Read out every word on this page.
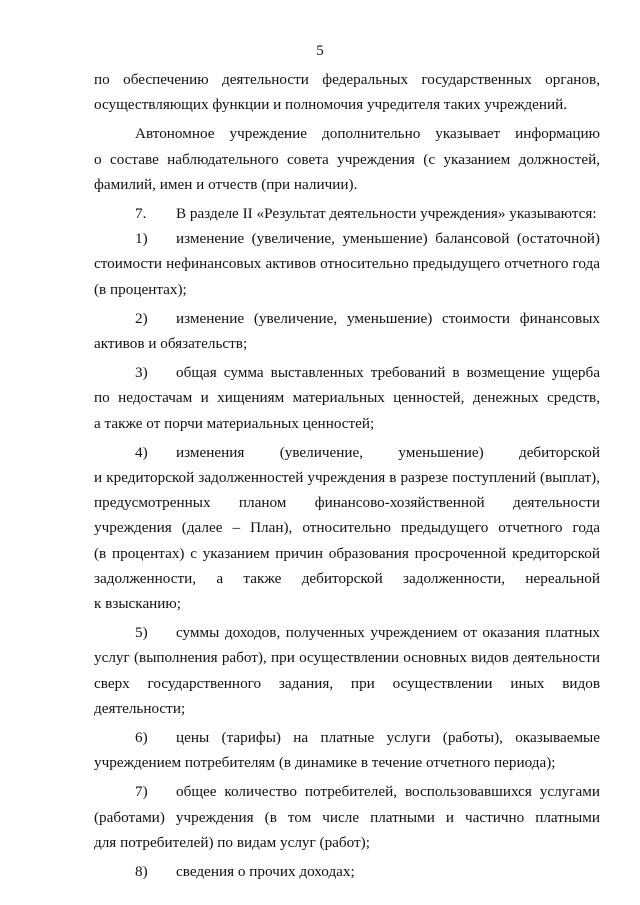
5
по обеспечению деятельности федеральных государственных органов,
осуществляющих функции и полномочия учредителя таких учреждений.
Автономное учреждение дополнительно указывает информацию
о составе наблюдательного совета учреждения (с указанием должностей,
фамилий, имен и отчеств (при наличии).
7. В разделе II «Результат деятельности учреждения» указываются:
1) изменение (увеличение, уменьшение) балансовой (остаточной)
стоимости нефинансовых активов относительно предыдущего отчетного года
(в процентах);
2) изменение (увеличение, уменьшение) стоимости финансовых
активов и обязательств;
3) общая сумма выставленных требований в возмещение ущерба
по недостачам и хищениям материальных ценностей, денежных средств,
а также от порчи материальных ценностей;
4) изменения (увеличение, уменьшение) дебиторской
и кредиторской задолженностей учреждения в разрезе поступлений (выплат),
предусмотренных планом финансово-хозяйственной деятельности
учреждения (далее – План), относительно предыдущего отчетного года
(в процентах) с указанием причин образования просроченной кредиторской
задолженности, а также дебиторской задолженности, нереальной
к взысканию;
5) суммы доходов, полученных учреждением от оказания платных
услуг (выполнения работ), при осуществлении основных видов деятельности
сверх государственного задания, при осуществлении иных видов
деятельности;
6) цены (тарифы) на платные услуги (работы), оказываемые
учреждением потребителям (в динамике в течение отчетного периода);
7) общее количество потребителей, воспользовавшихся услугами
(работами) учреждения (в том числе платными и частично платными
для потребителей) по видам услуг (работ);
8) сведения о прочих доходах;
